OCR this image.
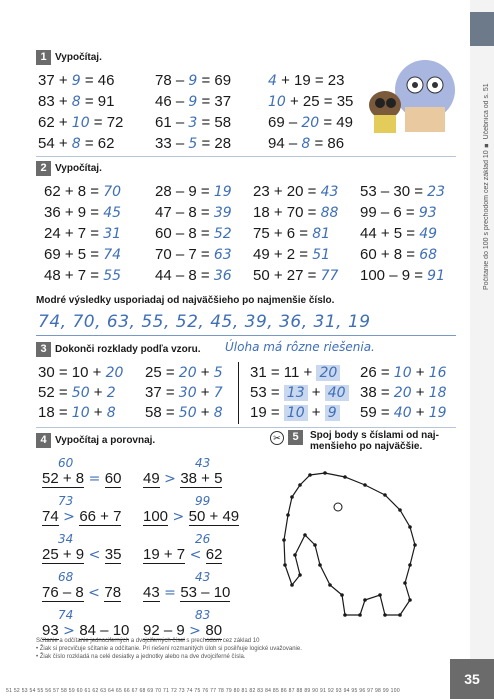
Počítanie do 100 s prechodom cez základ 10 ■ Učebnica od s. 51
1 Vypočítaj.
37 + 9 = 46	78 – 9 = 69	4 + 19 = 23
83 + 8 = 91	46 – 9 = 37	10 + 25 = 35
62 + 10 = 72 61 – 3 = 58 69 – 20 = 49
54 + 8 = 62	33 – 5 = 28 94 – 8 = 86
2 Vypočítaj.
62 + 8 = 70 28 – 9 = 19 23 + 20 = 43 53 – 30 = 23
36 + 9 = 45 47 – 8 = 39 18 + 70 = 88 99 – 6 = 93
24 + 7 = 31 60 – 8 = 52 75 + 6 = 81 44 + 5 = 49
69 + 5 = 74 70 – 7 = 63 49 + 2 = 51 60 + 8 = 68
48 + 7 = 55 44 – 8 = 36 50 + 27 = 77 100 – 9 = 91
Modré výsledky usporiadaj od najväčšieho po najmenšie číslo.
74, 70, 63, 55, 52, 45, 39, 36, 31, 19
3 Dokonči rozklady podľa vzoru. Úloha má rôzne riešenia.
30 = 10 + 20 25 = 20 + 5 31 = 11 + 20 26 = 10 + 16
52 = 50 + 2 37 = 30 + 7 53 = 13 + 40 38 = 20 + 18
18 = 10 + 8 58 = 50 + 8 19 = 10 + 9 59 = 40 + 19
4 Vypočítaj a porovnaj.
60
52 + 8 = 60
43
49 > 38 + 5
73
74 > 66 + 7
99
100 > 50 + 49
34
25 + 9 < 35
26
19 + 7 < 62
68
76 – 8 < 78
43
43 = 53 – 10
74
93 > 84 – 10
83
92 – 9 > 80
✂	5	Spoj body s číslami od naj-
menšieho po najväčšie.
Sčítanie a odčítanie jednociferných a dvojciferných čísel s prechodom cez základ 10
• Žiak si precvičuje sčítanie a odčítanie. Pri riešení rozmanitých úloh si posilňuje logické uvažovanie.
• Žiak číslo rozkladá na celé desiatky a jednotky alebo na dve dvojciferné čísla.
51 52 53 54 55 56 57 58 59 60 61 62 63 64 65 66 67 68 69 70 71 72 73 74 75 76 77 78 79 80 81 82 83 84 85 86 87 88 89 90 91 92 93 94 95 96 97 98 99 100
35
